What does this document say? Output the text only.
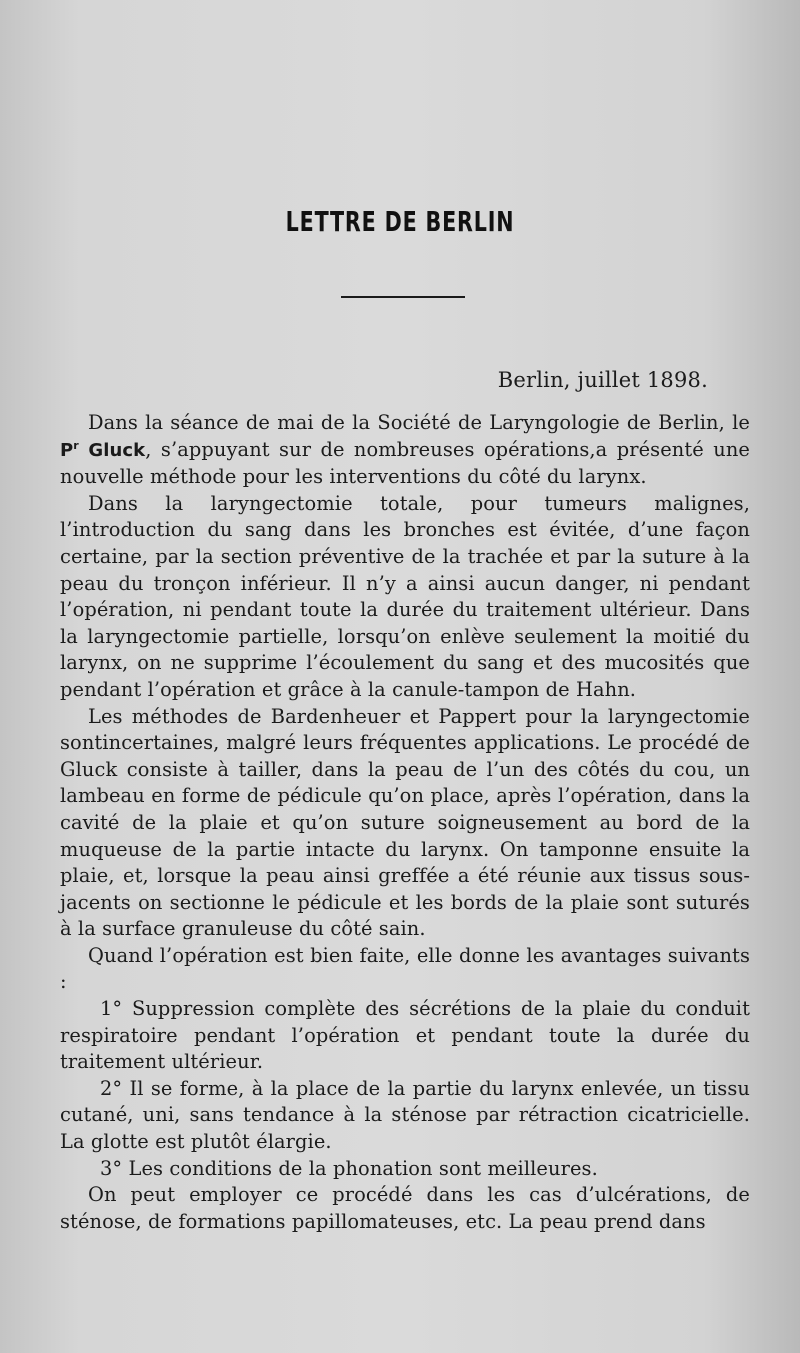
LETTRE DE BERLIN
Berlin, juillet 1898.

Dans la séance de mai de la Société de Laryngologie de Berlin, le $P^r$ Gluck, s’appuyant sur de nombreuses opérations,a présenté une nouvelle méthode pour les interventions du côté du larynx.

Dans la laryngectomie totale, pour tumeurs malignes, l’introduction du sang dans les bronches est évitée, d’une façon certaine, par la section préventive de la trachée et par la suture à la peau du tronçon inférieur. Il n’y a ainsi aucun danger, ni pendant l’opération, ni pendant toute la durée du traitement ultérieur. Dans la laryngectomie partielle, lorsqu’on enlève seulement la moitié du larynx, on ne supprime l’écoulement du sang et des mucosités que pendant l’opération et grâce à la canule-tampon de Hahn.

Les méthodes de Bardenheuer et Pappert pour la laryngectomie sontincertaines, malgré leurs fréquentes applications. Le procédé de Gluck consiste à tailler, dans la peau de l’un des côtés du cou, un lambeau en forme de pédicule qu’on place, après l’opération, dans la cavité de la plaie et qu’on suture soigneusement au bord de la muqueuse de la partie intacte du larynx. On tamponne ensuite la plaie, et, lorsque la peau ainsi greffée a été réunie aux tissus sous-jacents on sectionne le pédicule et les bords de la plaie sont suturés à la surface granuleuse du côté sain.

Quand l’opération est bien faite, elle donne les avantages suivants :

1° Suppression complète des sécrétions de la plaie du conduit respiratoire pendant l’opération et pendant toute la durée du traitement ultérieur.

2° Il se forme, à la place de la partie du larynx enlevée, un tissu cutané, uni, sans tendance à la sténose par rétraction cicatricielle. La glotte est plutôt élargie.

3° Les conditions de la phonation sont meilleures.

On peut employer ce procédé dans les cas d’ulcérations, de sténose, de formations papillomateuses, etc. La peau prend dans
